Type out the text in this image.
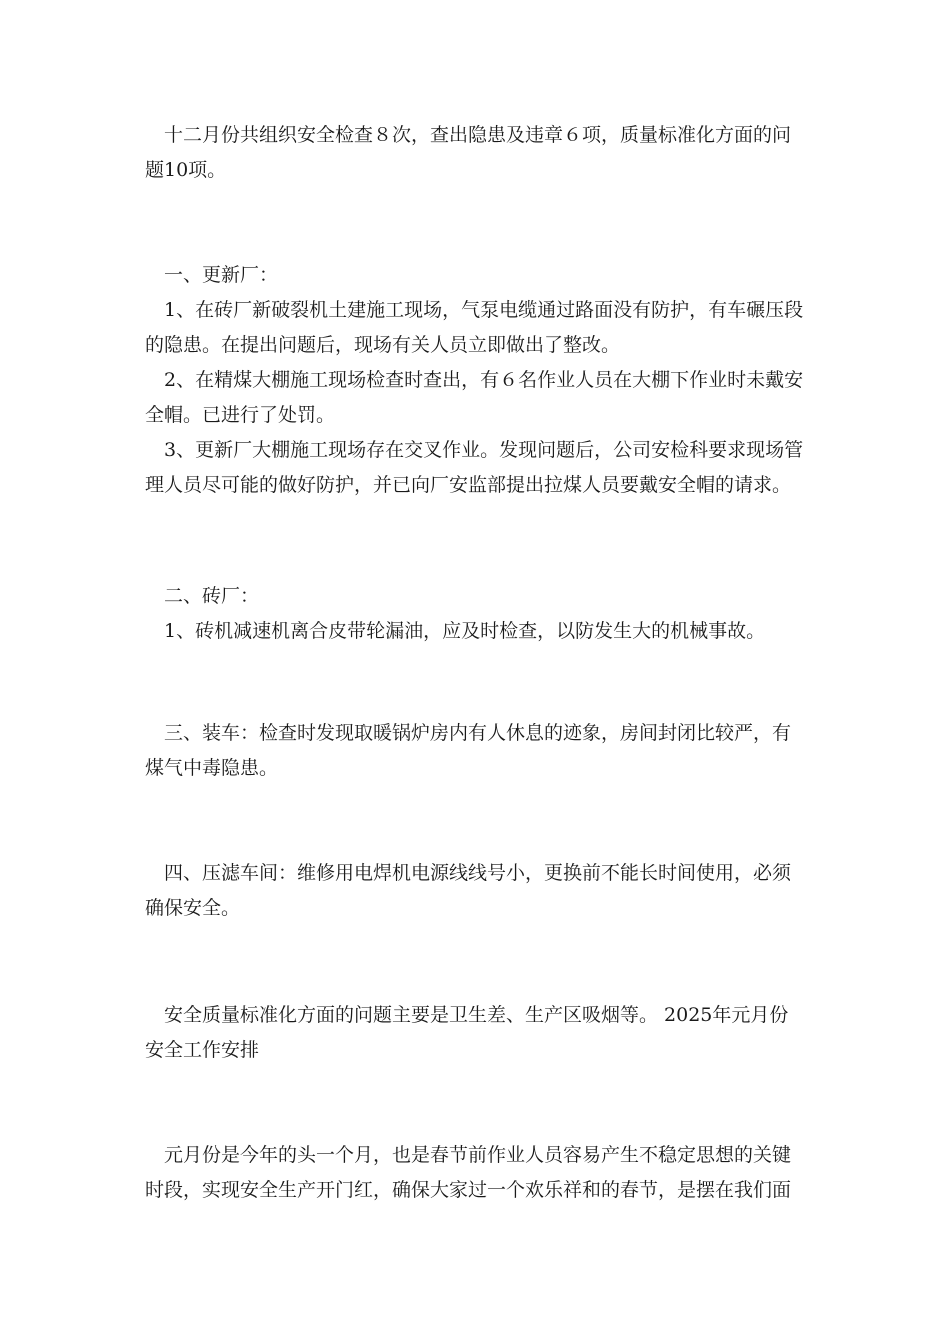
十二月份共组织安全检查８次，查出隐患及违章６项，质量标准化方面的问题10项。

一、更新厂：

1、在砖厂新破裂机土建施工现场，气泵电缆通过路面没有防护，有车碾压段的隐患。在提出问题后，现场有关人员立即做出了整改。

2、在精煤大棚施工现场检查时查出，有６名作业人员在大棚下作业时未戴安全帽。已进行了处罚。

3、更新厂大棚施工现场存在交叉作业。发现问题后，公司安检科要求现场管理人员尽可能的做好防护，并已向厂安监部提出拉煤人员要戴安全帽的请求。

二、砖厂：

1、砖机减速机离合皮带轮漏油，应及时检查，以防发生大的机械事故。

三、装车：检查时发现取暖锅炉房内有人休息的迹象，房间封闭比较严，有煤气中毒隐患。

四、压滤车间：维修用电焊机电源线线号小，更换前不能长时间使用，必须确保安全。

安全质量标准化方面的问题主要是卫生差、生产区吸烟等。 2025年元月份安全工作安排

元月份是今年的头一个月，也是春节前作业人员容易产生不稳定思想的关键时段，实现安全生产开门红，确保大家过一个欢乐祥和的春节，是摆在我们面
